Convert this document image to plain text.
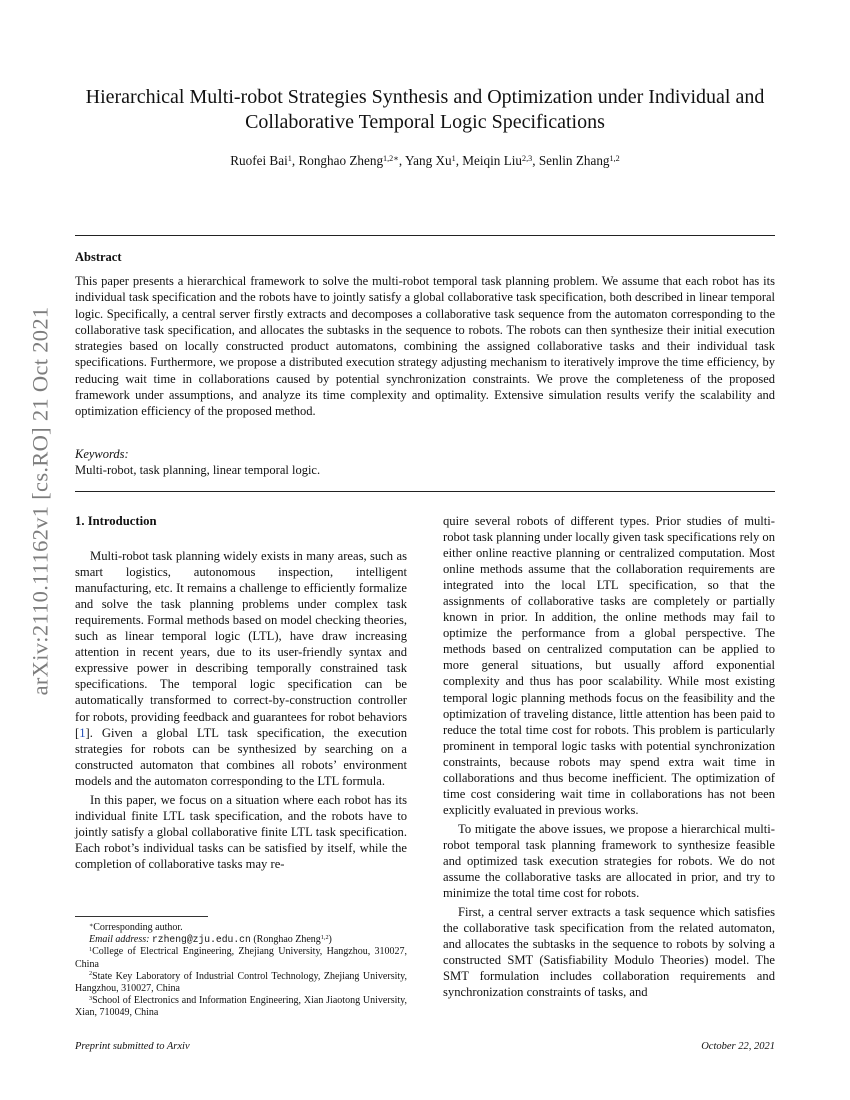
arXiv:2110.11162v1 [cs.RO] 21 Oct 2021
Hierarchical Multi-robot Strategies Synthesis and Optimization under Individual and
Collaborative Temporal Logic Specifications
Ruofei Bai$^1$, Ronghao Zheng$^{1,2∗}$, Yang Xu$^1$, Meiqin Liu$^{2,3}$, Senlin Zhang$^{1,2}$
Abstract

This paper presents a hierarchical framework to solve the multi-robot temporal task planning problem. We assume that each robot has its individual task specification and the robots have to jointly satisfy a global collaborative task specification, both described in linear temporal logic. Specifically, a central server firstly extracts and decomposes a collaborative task sequence from the automaton corresponding to the collaborative task specification, and allocates the subtasks in the sequence to robots. The robots can then synthesize their initial execution strategies based on locally constructed product automatons, combining the assigned collaborative tasks and their individual task specifications. Furthermore, we propose a distributed execution strategy adjusting mechanism to iteratively improve the time efficiency, by reducing wait time in collaborations caused by potential synchronization constraints. We prove the completeness of the proposed framework under assumptions, and analyze its time complexity and optimality. Extensive simulation results verify the scalability and optimization efficiency of the proposed method.

Keywords:
Multi-robot, task planning, linear temporal logic.
1. Introduction

Multi-robot task planning widely exists in many areas, such as smart logistics, autonomous inspection, intelligent manufacturing, etc. It remains a challenge to efficiently formalize and solve the task planning problems under complex task requirements. Formal methods based on model checking theories, such as linear temporal logic (LTL), have draw increasing attention in recent years, due to its user-friendly syntax and expressive power in describing temporally constrained task specifications. The temporal logic specification can be automatically transformed to correct-by-construction controller for robots, providing feedback and guarantees for robot behaviors [1]. Given a global LTL task specification, the execution strategies for robots can be synthesized by searching on a constructed automaton that combines all robots’ environment models and the automaton corresponding to the LTL formula.

In this paper, we focus on a situation where each robot has its individual finite LTL task specification, and the robots have to jointly satisfy a global collaborative finite LTL task specification. Each robot’s individual tasks can be satisfied by itself, while the completion of collaborative tasks may re-

quire several robots of different types. Prior studies of multi-robot task planning under locally given task specifications rely on either online reactive planning or centralized computation. Most online methods assume that the collaboration requirements are integrated into the local LTL specification, so that the assignments of collaborative tasks are completely or partially known in prior. In addition, the online methods may fail to optimize the performance from a global perspective. The methods based on centralized computation can be applied to more general situations, but usually afford exponential complexity and thus has poor scalability. While most existing temporal logic planning methods focus on the feasibility and the optimization of traveling distance, little attention has been paid to reduce the total time cost for robots. This problem is particularly prominent in temporal logic tasks with potential synchronization constraints, because robots may spend extra wait time in collaborations and thus become inefficient. The optimization of time cost considering wait time in collaborations has not been explicitly evaluated in previous works.

To mitigate the above issues, we propose a hierarchical multi-robot temporal task planning framework to synthesize feasible and optimized task execution strategies for robots. We do not assume the collaborative tasks are allocated in prior, and try to minimize the total time cost for robots.

First, a central server extracts a task sequence which satisfies the collaborative task specification from the related automaton, and allocates the subtasks in the sequence to robots by solving a constructed SMT (Satisfiability Modulo Theories) model. The SMT formulation includes collaboration requirements and synchronization constraints of tasks, and

∗Corresponding author.

Email address: rzheng@zju.edu.cn (Ronghao Zheng$^{1,2}$)

$^1$College of Electrical Engineering, Zhejiang University, Hangzhou, 310027, China

$^2$State Key Laboratory of Industrial Control Technology, Zhejiang University, Hangzhou, 310027, China

$^3$School of Electronics and Information Engineering, Xian Jiaotong University, Xian, 710049, China

Preprint submitted to Arxiv	October 22, 2021
